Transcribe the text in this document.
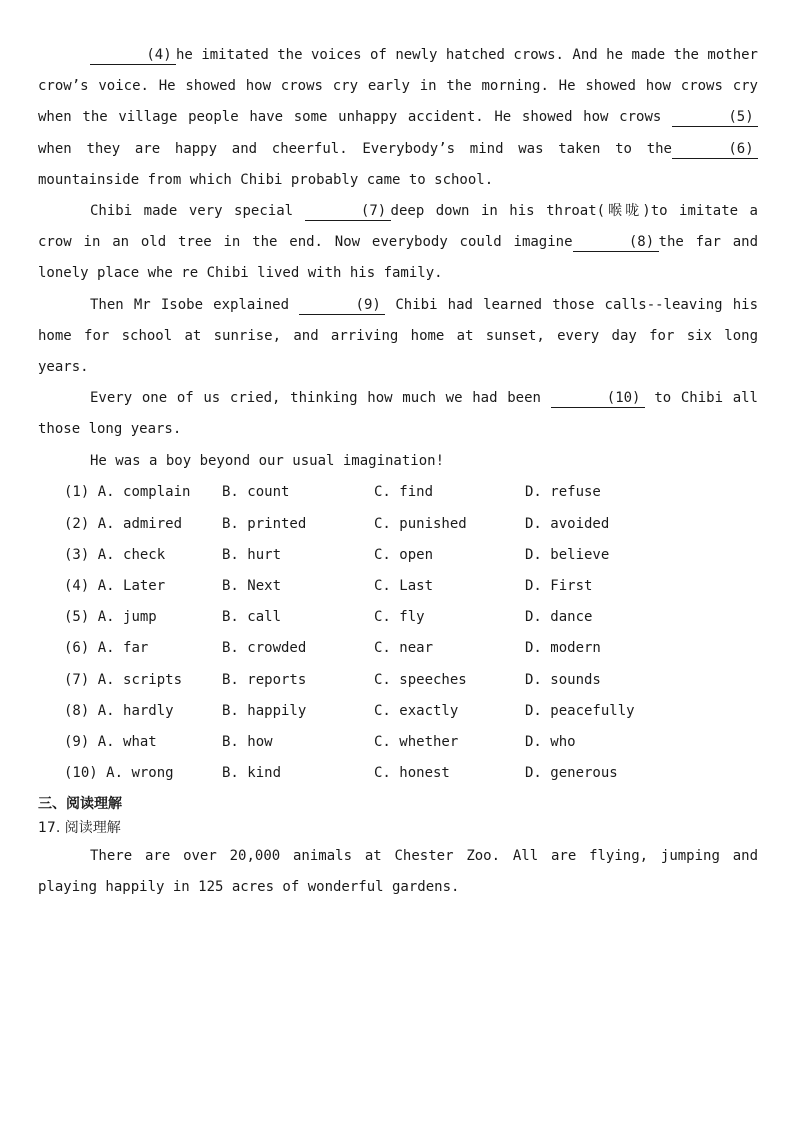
(4) he imitated the voices of newly hatched crows. And he made the mother crow’s voice. He showed how crows cry early in the morning. He showed how crows cry when the village people have some unhappy accident. He showed how crows	(5)when they are happy and cheerful. Everybody’s mind was taken to the	(6)mountainside from which Chibi probably came to school.

Chibi made very special	(7) deep down in his throat(喉咙)to imitate a crow in an old tree in the end. Now everybody could imagine	(8) the far and lonely place whe re Chibi lived with his family.

Then Mr Isobe explained	(9) Chibi had learned those calls--leaving his home for school at sunrise, and arriving home at sunset, every day for six long years.

Every one of us cried, thinking how much we had been	(10) to Chibi all those long years.

He was a boy beyond our usual imagination!

(1) A. complain	B. count	C. find	D. refuse
(2) A. admired	B. printed	C. punished	D. avoided
(3) A. check	B. hurt	C. open	D. believe
(4) A. Later	B. Next	C. Last	D. First
(5) A. jump	B. call	C. fly	D. dance
(6) A. far	B. crowded	C. near	D. modern
(7) A. scripts	B. reports	C. speeches	D. sounds
(8) A. hardly	B. happily	C. exactly	D. peacefully
(9) A. what	B. how	C. whether	D. who
(10) A. wrong	B. kind	C. honest	D. generous
三、阅读理解
17. 阅读理解

There are over 20,000 animals at Chester Zoo. All are flying, jumping and playing happily in 125 acres of wonderful gardens.
